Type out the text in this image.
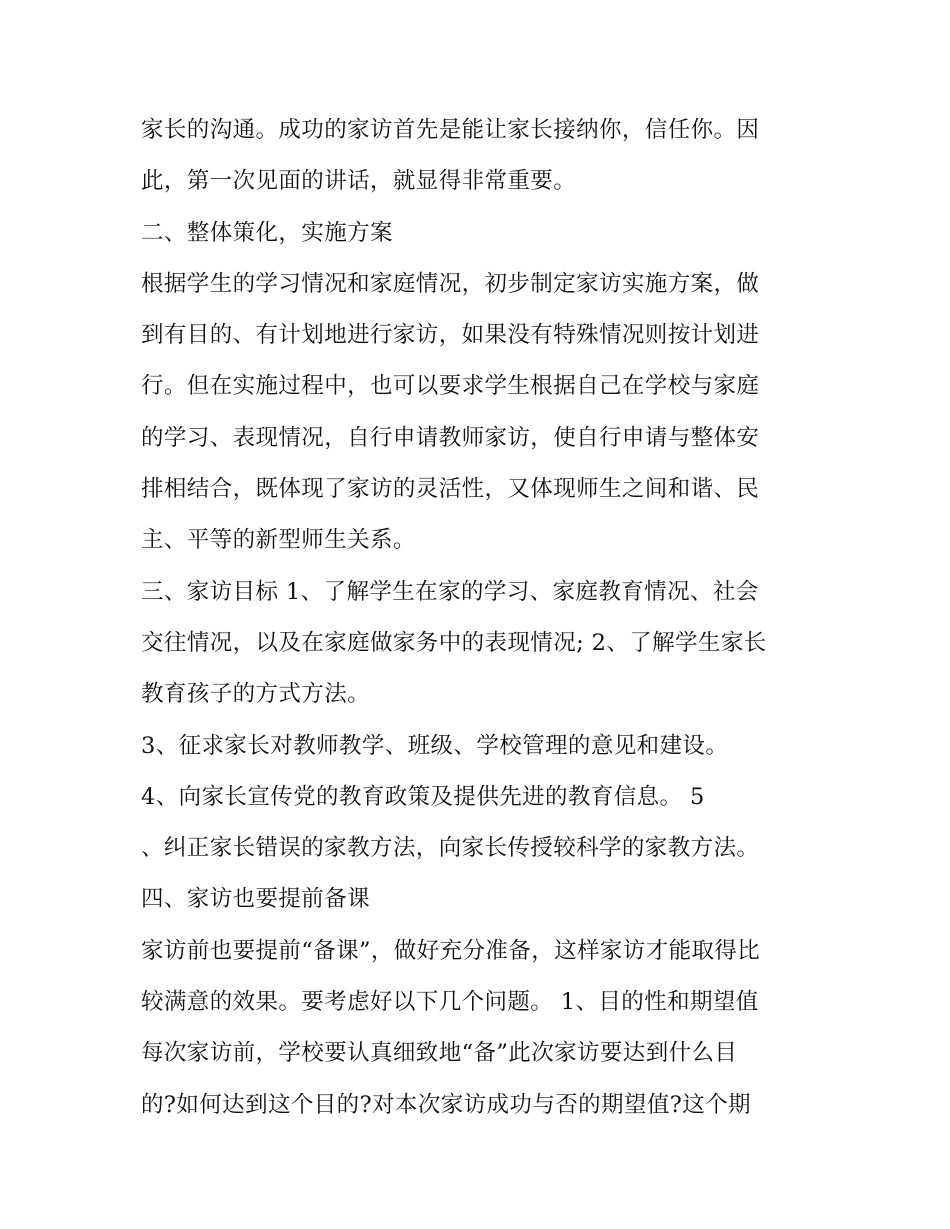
家长的沟通。成功的家访首先是能让家长接纳你，信任你。因
此，第一次见面的讲话，就显得非常重要。
二、整体策化，实施方案
根据学生的学习情况和家庭情况，初步制定家访实施方案，做
到有目的、有计划地进行家访，如果没有特殊情况则按计划进
行。但在实施过程中，也可以要求学生根据自己在学校与家庭
的学习、表现情况，自行申请教师家访，使自行申请与整体安
排相结合，既体现了家访的灵活性，又体现师生之间和谐、民
主、平等的新型师生关系。
三、家访目标 1、了解学生在家的学习、家庭教育情况、社会
交往情况，以及在家庭做家务中的表现情况; 2、了解学生家长
教育孩子的方式方法。
3、征求家长对教师教学、班级、学校管理的意见和建设。
4、向家长宣传党的教育政策及提供先进的教育信息。 5
、纠正家长错误的家教方法，向家长传授较科学的家教方法。
四、家访也要提前备课
家访前也要提前“备课”，做好充分准备，这样家访才能取得比
较满意的效果。要考虑好以下几个问题。 1、目的性和期望值
每次家访前，学校要认真细致地“备”此次家访要达到什么目
的?如何达到这个目的?对本次家访成功与否的期望值?这个期
